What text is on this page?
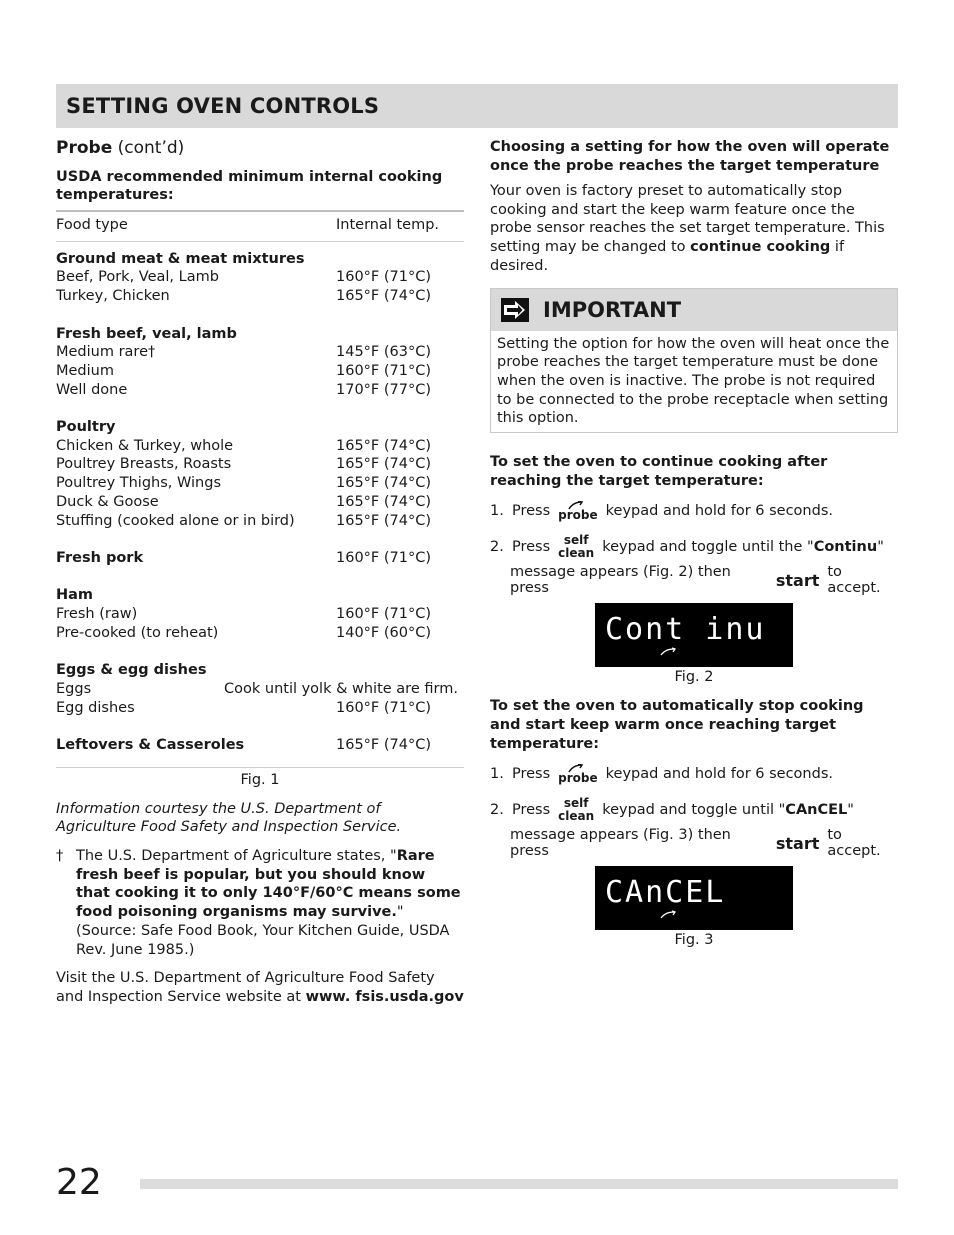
SETTING OVEN CONTROLS
Probe (cont’d)
USDA recommended minimum internal cooking temperatures:
Food type	Internal temp.
Ground meat & meat mixtures
Beef, Pork, Veal, Lamb	160°F (71°C)
Turkey, Chicken	165°F (74°C)
Fresh beef, veal, lamb
Medium rare†	145°F (63°C)
Medium	160°F (71°C)
Well done	170°F (77°C)
Poultry
Chicken & Turkey, whole	165°F (74°C)
Poultrey Breasts, Roasts	165°F (74°C)
Poultrey Thighs, Wings	165°F (74°C)
Duck & Goose	165°F (74°C)
Stuffing (cooked alone or in bird)	165°F (74°C)
Fresh pork	160°F (71°C)
Ham
Fresh (raw)	160°F (71°C)
Pre-cooked (to reheat)	140°F (60°C)
Eggs & egg dishes
Eggs	Cook until yolk & white are firm.
Egg dishes	160°F (71°C)
Leftovers & Casseroles	165°F (74°C)
Fig. 1
Information courtesy the U.S. Department of Agriculture Food Safety and Inspection Service.
† The U.S. Department of Agriculture states, "Rare fresh beef is popular, but you should know that cooking it to only 140°F/60°C means some food poisoning organisms may survive." (Source: Safe Food Book, Your Kitchen Guide, USDA Rev. June 1985.)
Visit the U.S. Department of Agriculture Food Safety and Inspection Service website at www. fsis.usda.gov
Choosing a setting for how the oven will operate once the probe reaches the target temperature
Your oven is factory preset to automatically stop cooking and start the keep warm feature once the probe sensor reaches the set target temperature. This setting may be changed to continue cooking if desired.
IMPORTANT
Setting the option for how the oven will heat once the probe reaches the target temperature must be done when the oven is inactive. The probe is not required to be connected to the probe receptacle when setting this option.
To set the oven to continue cooking after reaching the target temperature:
1. Press probe keypad and hold for 6 seconds.
2. Press self
clean keypad and toggle until the "Continu"
message appears (Fig. 2) then press	start to accept.
Cont inu
Fig. 2
To set the oven to automatically stop cooking and start keep warm once reaching target temperature:
1. Press probe keypad and hold for 6 seconds.
2. Press self
clean keypad and toggle until "CAnCEL"
message appears (Fig. 3) then press	start to accept.
CAnCEL
Fig. 3
22
